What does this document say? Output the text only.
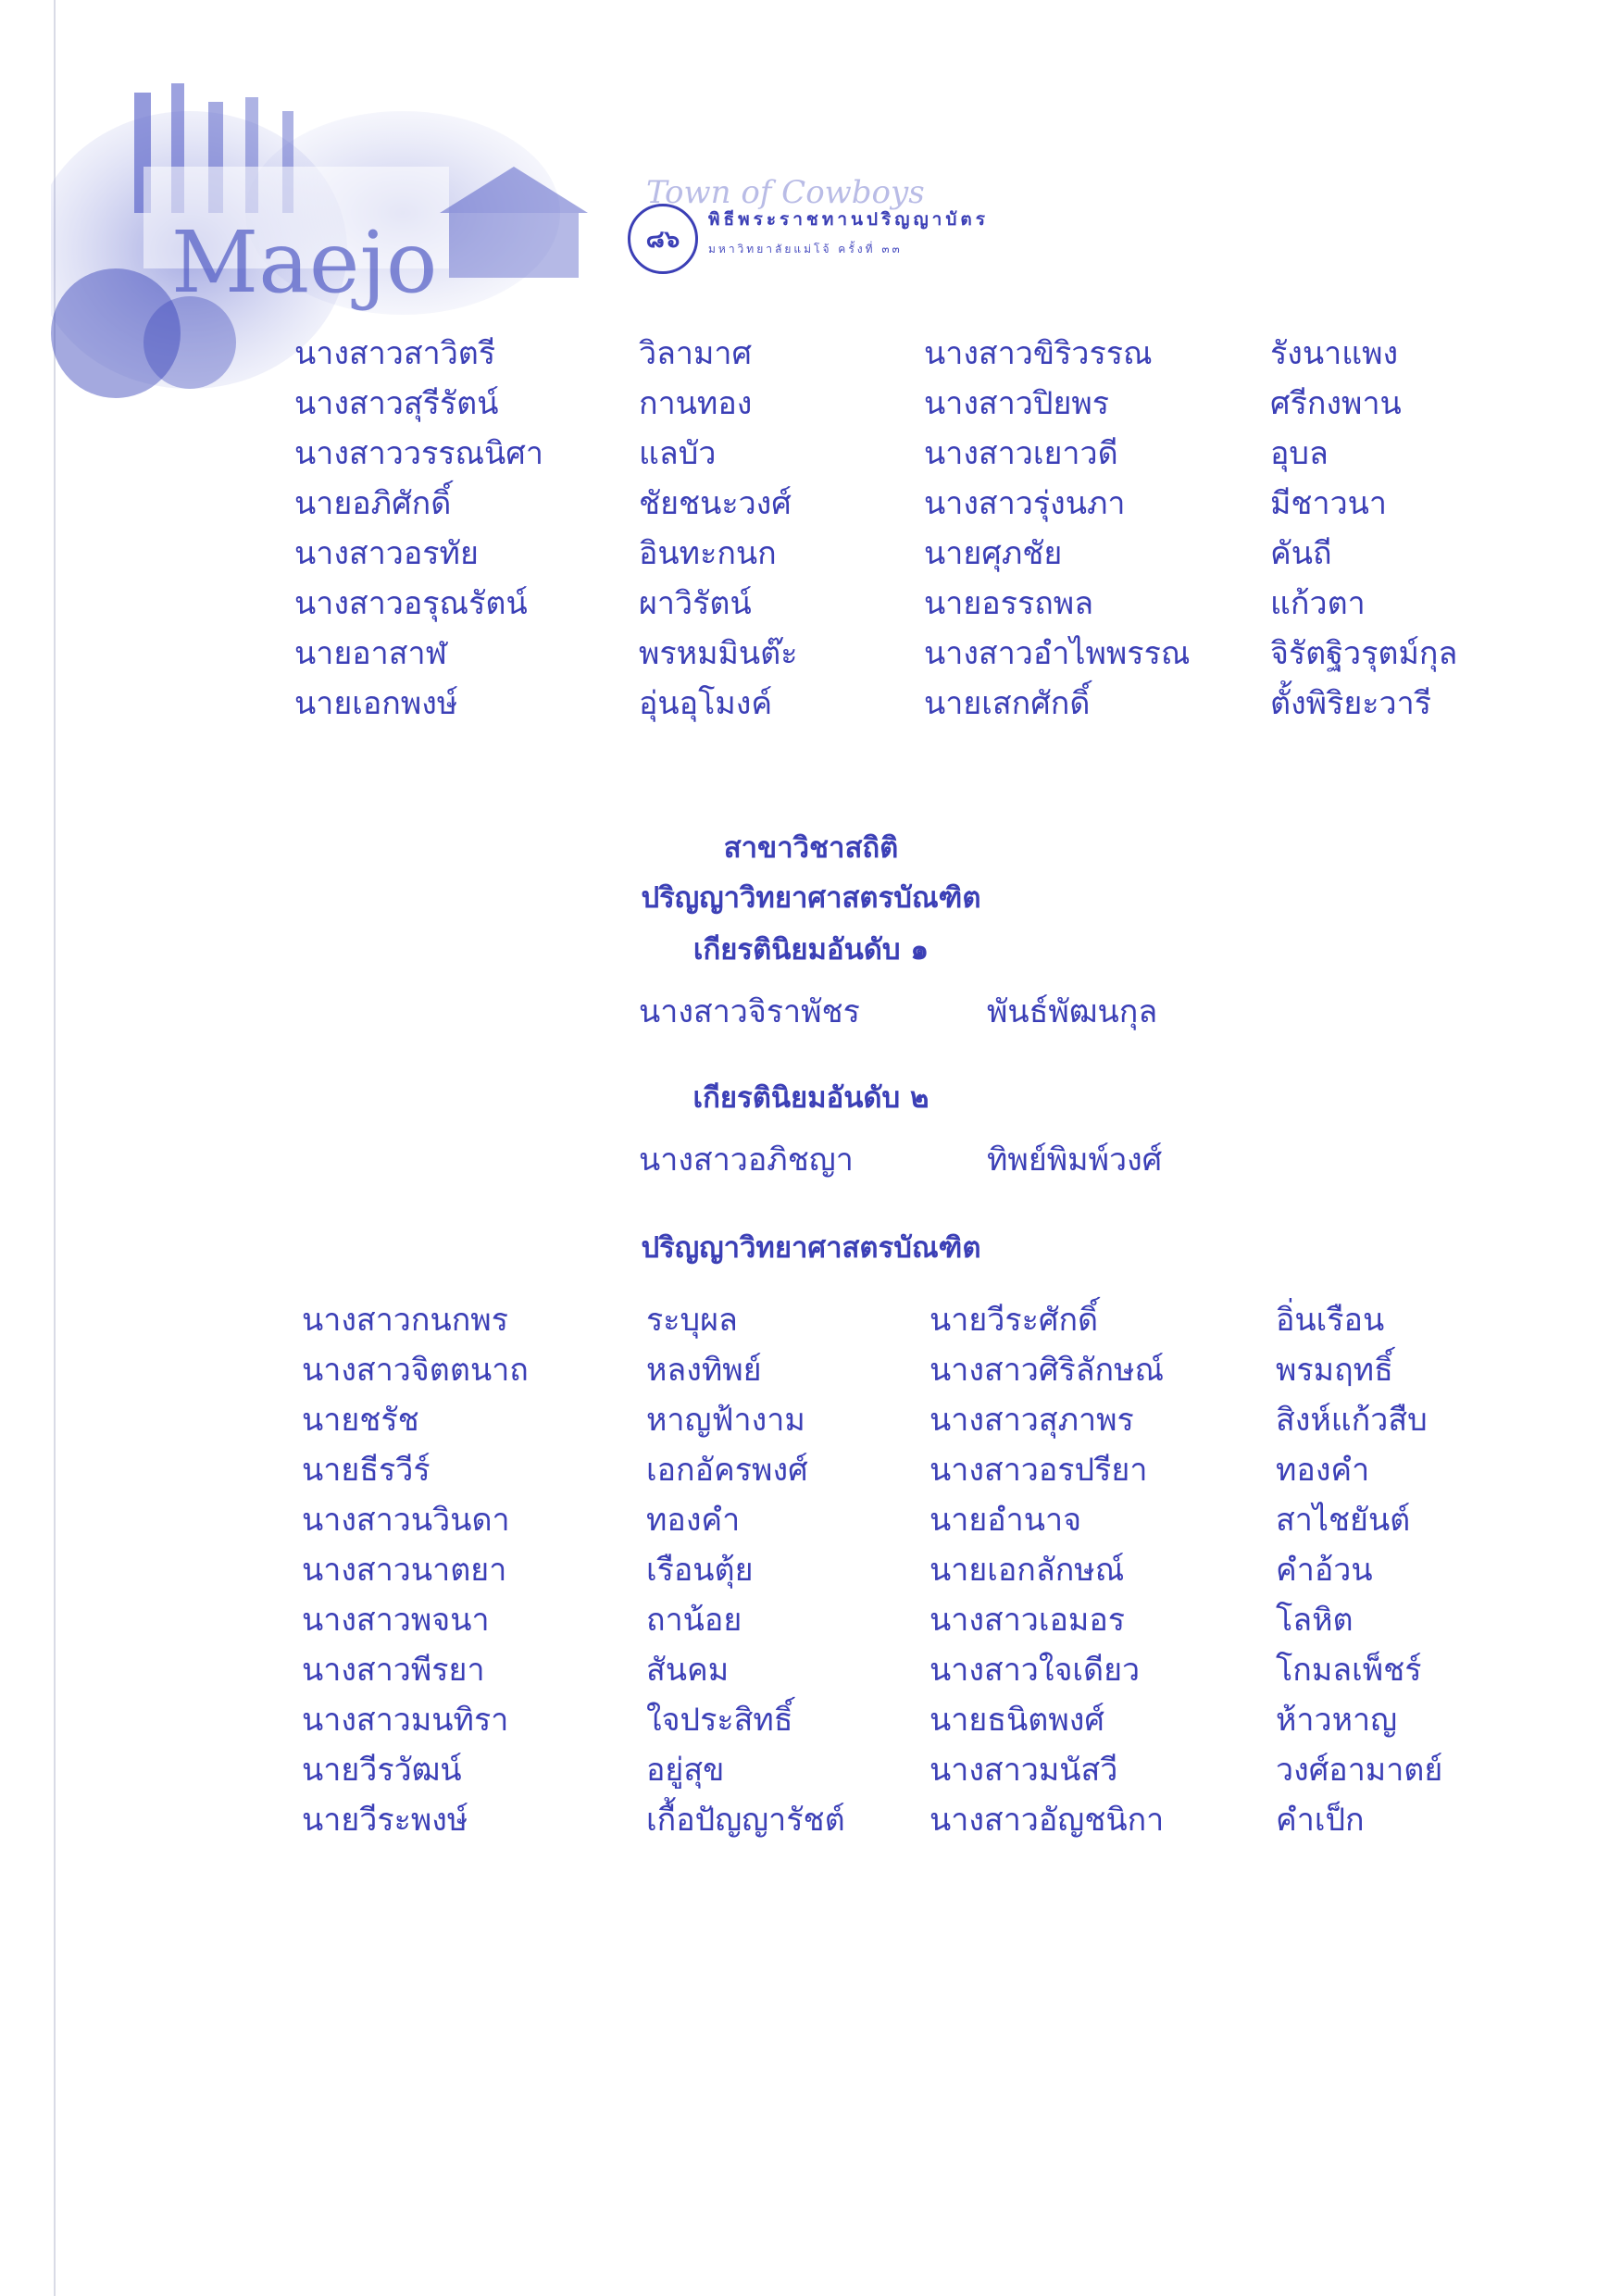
Maejo
Town of Cowboys
๘๖
พิธีพระราชทานปริญญาบัตร
มหาวิทยาลัยแม่โจ้ ครั้งที่ ๓๓
นางสาวสาวิตรี	วิลามาศ	นางสาวขิริวรรณ	รังนาแพง
นางสาวสุรีรัตน์	กานทอง	นางสาวปิยพร	ศรีกงพาน
นางสาววรรณนิศา	แลบัว	นางสาวเยาวดี	อุบล
นายอภิศักดิ์	ชัยชนะวงศ์	นางสาวรุ่งนภา	มีชาวนา
นางสาวอรทัย	อินทะกนก	นายศุภชัย	คันถี
นางสาวอรุณรัตน์	ผาวิรัตน์	นายอรรถพล	แก้วตา
นายอาสาฬ	พรหมมินต๊ะ	นางสาวอำไพพรรณ	จิรัตฐิวรุตม์กุล
นายเอกพงษ์	อุ่นอุโมงค์	นายเสกศักดิ์	ตั้งพิริยะวารี
สาขาวิชาสถิติ
ปริญญาวิทยาศาสตรบัณฑิต
เกียรตินิยมอันดับ ๑
นางสาวจิราพัชร	พันธ์พัฒนกุล
เกียรตินิยมอันดับ ๒
นางสาวอภิชญา	ทิพย์พิมพ์วงศ์
ปริญญาวิทยาศาสตรบัณฑิต
นางสาวกนกพร	ระบุผล	นายวีระศักดิ์	อิ่นเรือน
นางสาวจิตตนาถ	หลงทิพย์	นางสาวศิริลักษณ์	พรมฤทธิ์
นายชรัช	หาญฟ้างาม	นางสาวสุภาพร	สิงห์แก้วสืบ
นายธีรวีร์	เอกอัครพงศ์	นางสาวอรปรียา	ทองคำ
นางสาวนวินดา	ทองคำ	นายอำนาจ	สาไชยันต์
นางสาวนาตยา	เรือนตุ้ย	นายเอกลักษณ์	คำอ้วน
นางสาวพจนา	ถาน้อย	นางสาวเอมอร	โลหิต
นางสาวพีรยา	สันคม	นางสาวใจเดียว	โกมลเพ็ชร์
นางสาวมนทิรา	ใจประสิทธิ์	นายธนิตพงศ์	ห้าวหาญ
นายวีรวัฒน์	อยู่สุข	นางสาวมนัสวี	วงศ์อามาตย์
นายวีระพงษ์	เกื้อปัญญารัชต์	นางสาวอัญชนิกา	คำเป็ก
